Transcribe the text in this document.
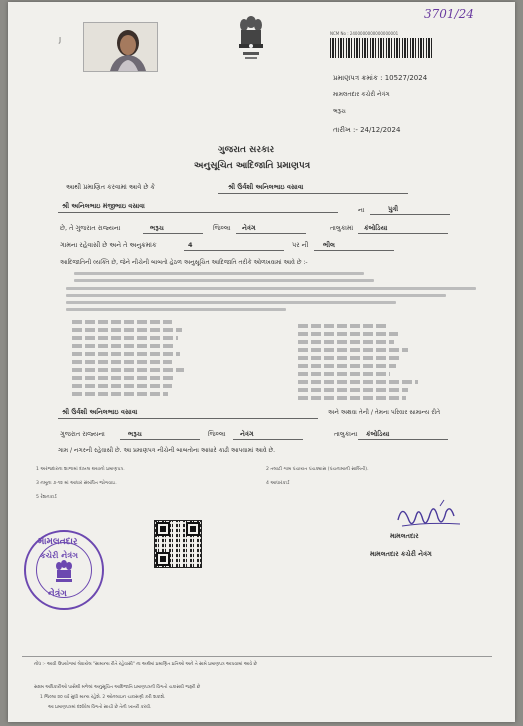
J
3701/24
NCM No : 2400000000000000001
પ્રમાણપત્ર ક્રમાંક : 10527/2024
મામલતદાર કચેરી નેત્રંગ
ભરૂચ
તારીખ :- 24/12/2024
ગુજરાત સરકાર
અનુસૂચિત આદિજાતિ પ્રમાણપત્ર
આથી પ્રમાણિત કરવામાં આવે છે કે	શ્રી ઉર્વશી અનિલભાઇ વસાવા
શ્રી અનિલભાઇ મંજીભાઇ વસાવા	ના	પુત્રી
છે, તે ગુજરાત રાજ્યના	ભરૂચ	જિલ્લા નેત્રંગ	તાલુકામાં કંબોડિયા
ગામના રહેવાસી છે અને તે અનુક્રમાંક	4	પર ની ભીલ
આદિજાતિની વ્યક્તિ છે, જેને નીચેની બાબતો હેઠળ અનુસૂચિત આદિજાતિ તરીકે ઓળખવામાં આવે છે :-
શ્રી ઉર્વશી અનિલભાઇ વસાવા	અને અથવા તેની / તેમના પરિવાર સામાન્ય રીતે
ગુજરાત રાજ્યના	ભરૂચ	જિલ્લા નેત્રંગ	તાલુકાના કંબોડિયા
ગામ / નગરની રહેવાસી છે. આ પ્રમાણપત્ર નીચેની બાબતોના આધારે કાઢી આપવામાં આવે છે.
1 અરજદારના શાળામાં દાખલ થયાનો પ્રમાણપત્ર.	2 તલાટી ગામ પંચાયત પંચક્યાસ (પંચનામાની સાબિતી).
3 નમૂના ૭-૧૨ માં આધાર સંબંધિત જોગવાઇ.	4 આધારકાર્ડ
5 રેશનકાર્ડ
મામલતદાર
મામલતદાર કચેરી નેત્રંગ
મામલતદાર
કચેરી નેત્રંગ
નેત્રંગ
નોંધ :- આવી ઉપયોગમાં લેવાયેલ "સામાન્ય રીતે રહેવાસી" ના અર્થમાં પ્રમાણિત પ્રતિઓ અને તે સામે પ્રમાણપત્ર આપવામાં આવે છે
સક્ષમ અધિકારીઓ પાસેથી મળેલાં અનુસૂચિત આદિજાતિ પ્રમાણપત્રની વિગતો ચકાસવી જરૂરી છે
1 જિલ્લા ૨૦ વર્ષ સુધી માન્ય રહેશે. 2 ઓનલાઇન ચકાસણી કરી શકાશે.
આ પ્રમાણપત્રમાં દર્શાવેલ વિગતો સાચી છે તેની ખાતરી કરવી.
